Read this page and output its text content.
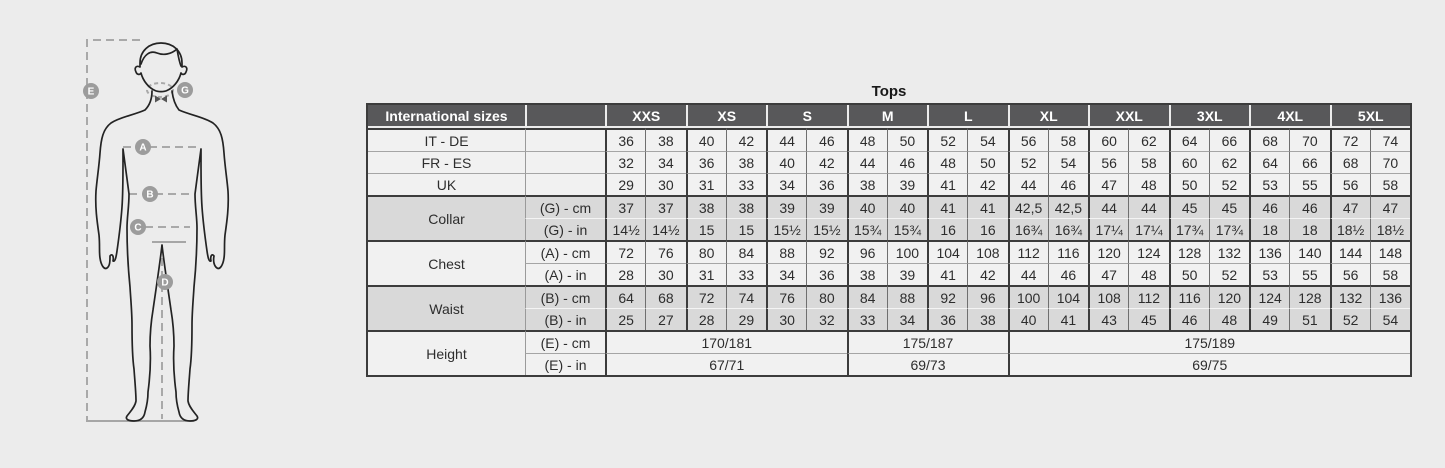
E	G
A
B
C
D
Tops
International sizes		XXS		XS		S		M		L		XL		XXL		3XL		4XL		5XL	
IT - DE		36	38	40	42	44	46	48	50	52	54	56	58	60	62	64	66	68	70	72	74
FR - ES		32	34	36	38	40	42	44	46	48	50	52	54	56	58	60	62	64	66	68	70
UK		29	30	31	33	34	36	38	39	41	42	44	46	47	48	50	52	53	55	56	58
Collar	(G) - cm	37	37	38	38	39	39	40	40	41	41	42,5	42,5	44	44	45	45	46	46	47	47
	(G) - in	14½	14½	15	15	15½	15½	15¾	15¾	16	16	16¾	16¾	17¼	17¼	17¾	17¾	18	18	18½	18½
Chest	(A) - cm	72	76	80	84	88	92	96	100	104	108	112	116	120	124	128	132	136	140	144	148
	(A) - in	28	30	31	33	34	36	38	39	41	42	44	46	47	48	50	52	53	55	56	58
Waist	(B) - cm	64	68	72	74	76	80	84	88	92	96	100	104	108	112	116	120	124	128	132	136
	(B) - in	25	27	28	29	30	32	33	34	36	38	40	41	43	45	46	48	49	51	52	54
Height	(E) - cm	170/181						175/187				175/189									
	(E) - in	67/71						69/73				69/75									
